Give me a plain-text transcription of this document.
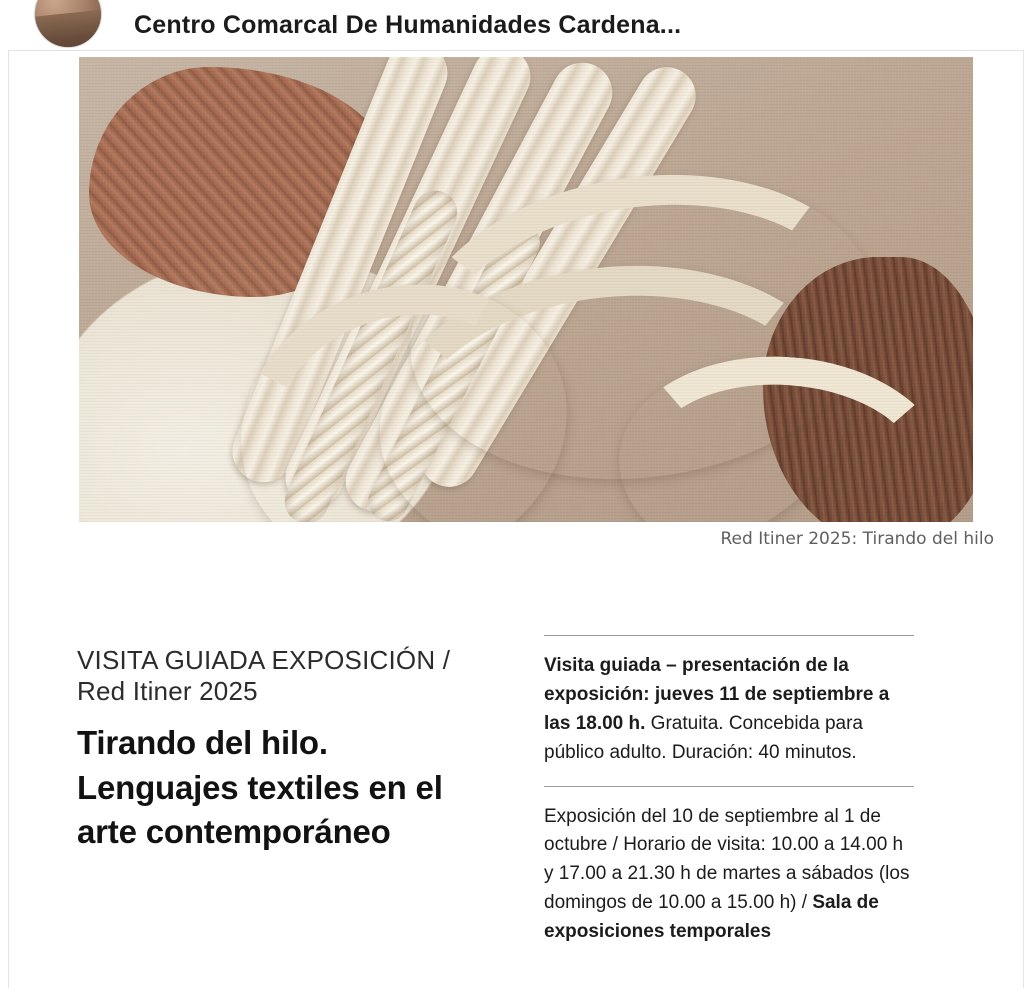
Centro Comarcal De Humanidades Cardena...
Red Itiner 2025: Tirando del hilo
VISITA GUIADA EXPOSICIÓN /
Red Itiner 2025
Tirando del hilo. Lenguajes textiles en el arte contemporáneo

Visita guiada – presentación de la exposición: jueves 11 de septiembre a las 18.00 h. Gratuita. Concebida para público adulto. Duración: 40 minutos.

Exposición del 10 de septiembre al 1 de octubre / Horario de visita: 10.00 a 14.00 h y 17.00 a 21.30 h de martes a sábados (los domingos de 10.00 a 15.00 h) / Sala de exposiciones temporales
